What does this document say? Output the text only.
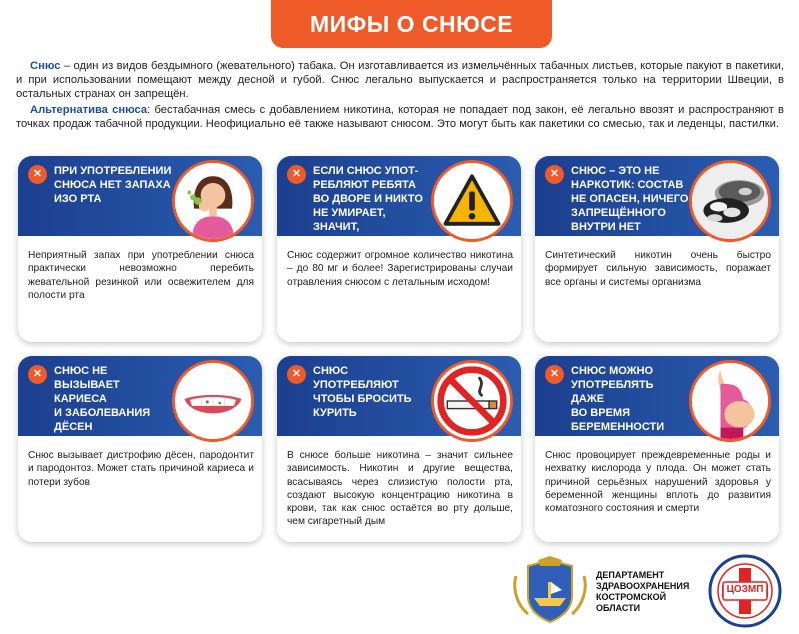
МИФЫ О СНЮСЕ

Снюс – один из видов бездымного (жевательного) табака. Он изготавливается из измельчённых табачных листьев, которые пакуют в пакетики, и при использовании помещают между десной и губой. Снюс легально выпускается и распространяется только на территории Швеции, в остальных странах он запрещён.

Альтернатива снюса: бестабачная смесь с добавлением никотина, которая не попадает под закон, её легально ввозят и распространяют в точках продаж табачной продукции. Неофициально её также называют снюсом. Это могут быть как пакетики со смесью, так и леденцы, пастилки.

✕	ПРИ УПОТРЕБЛЕНИИ
СНЮСА НЕТ ЗАПАХА
ИЗО РТА
Неприятный запах при употреблении снюса практически невозможно перебить жевательной резинкой или освежителем для полости рта
✕	ЕСЛИ СНЮС УПОТ-
РЕБЛЯЮТ РЕБЯТА
ВО ДВОРЕ И НИКТО
НЕ УМИРАЕТ, ЗНАЧИТ,
ОПАСНОСТИ НЕТ
Снюс содержит огромное количество никотина – до 80 мг и более! Зарегистрированы случаи отравления снюсом с летальным исходом!
✕	СНЮС – ЭТО НЕ
НАРКОТИК: СОСТАВ
НЕ ОПАСЕН, НИЧЕГО
ЗАПРЕЩЁННОГО
ВНУТРИ НЕТ
Синтетический никотин очень быстро формирует сильную зависимость, поражает все органы и системы организма
✕	СНЮС НЕ ВЫЗЫВАЕТ
КАРИЕСА
И ЗАБОЛЕВАНИЯ
ДЁСЕН
Снюс вызывает дистрофию дёсен, пародонтит и пародонтоз. Может стать причиной кариеса и потери зубов
✕	СНЮС УПОТРЕБЛЯЮТ
ЧТОБЫ БРОСИТЬ
КУРИТЬ
В снюсе больше никотина – значит сильнее зависимость. Никотин и другие вещества, всасываясь через слизистую полости рта, создают высокую концентрацию никотина в крови, так как снюс остаётся во рту дольше, чем сигаретный дым
✕	СНЮС МОЖНО
УПОТРЕБЛЯТЬ ДАЖЕ
ВО ВРЕМЯ
БЕРЕМЕННОСТИ
Снюс провоцирует преждевременные роды и нехватку кислорода у плода. Он может стать причиной серьёзных нарушений здоровья у беременной женщины вплоть до развития коматозного состояния и смерти
ДЕПАРТАМЕНТ
ЗДРАВООХРАНЕНИЯ
КОСТРОМСКОЙ ОБЛАСТИ
ЦОЗМП
